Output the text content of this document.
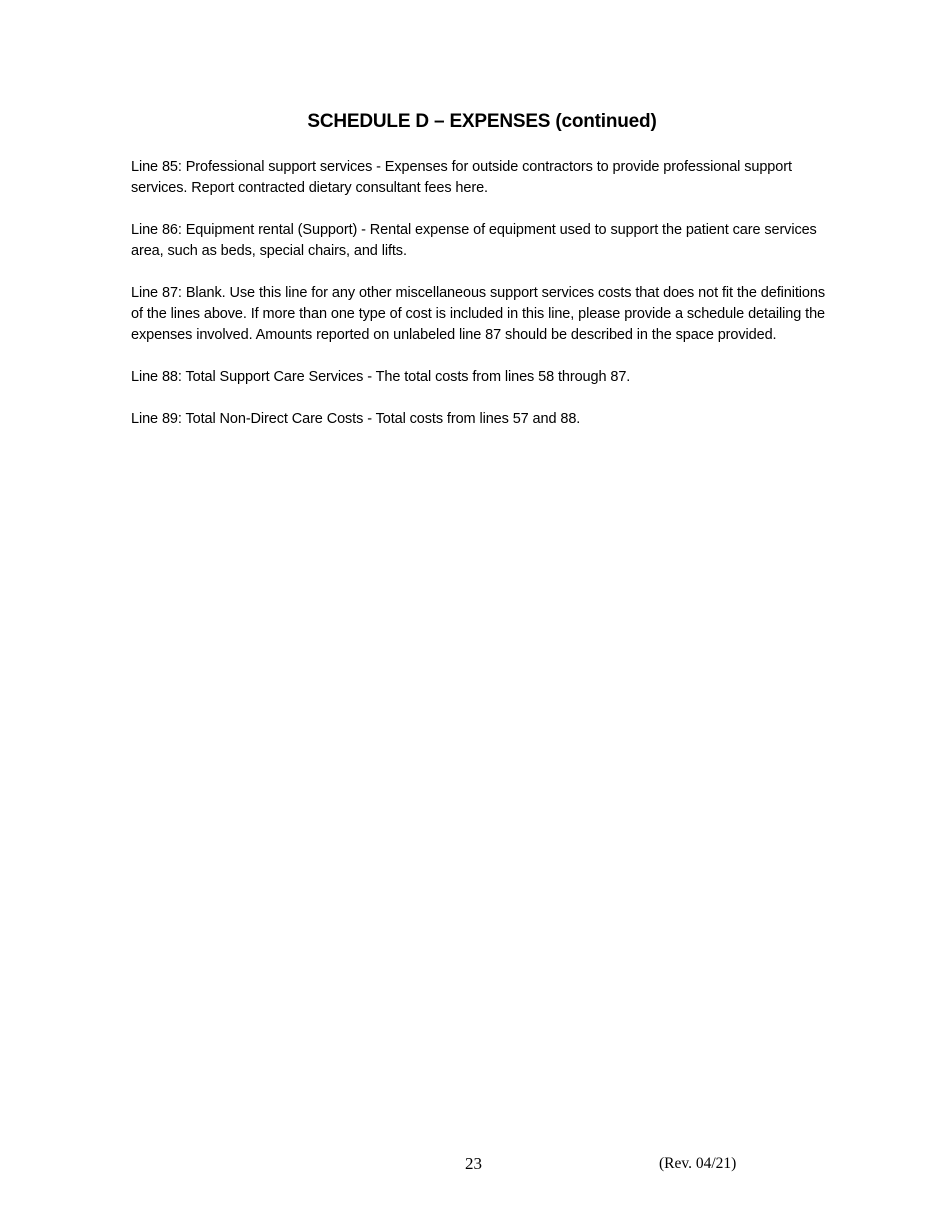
SCHEDULE D – EXPENSES (continued)

Line 85: Professional support services - Expenses for outside contractors to provide professional support services. Report contracted dietary consultant fees here.

Line 86: Equipment rental (Support) - Rental expense of equipment used to support the patient care services area, such as beds, special chairs, and lifts.

Line 87: Blank. Use this line for any other miscellaneous support services costs that does not fit the definitions of the lines above. If more than one type of cost is included in this line, please provide a schedule detailing the expenses involved. Amounts reported on unlabeled line 87 should be described in the space provided.

Line 88: Total Support Care Services - The total costs from lines 58 through 87.

Line 89: Total Non-Direct Care Costs - Total costs from lines 57 and 88.

23	(Rev. 04/21)
